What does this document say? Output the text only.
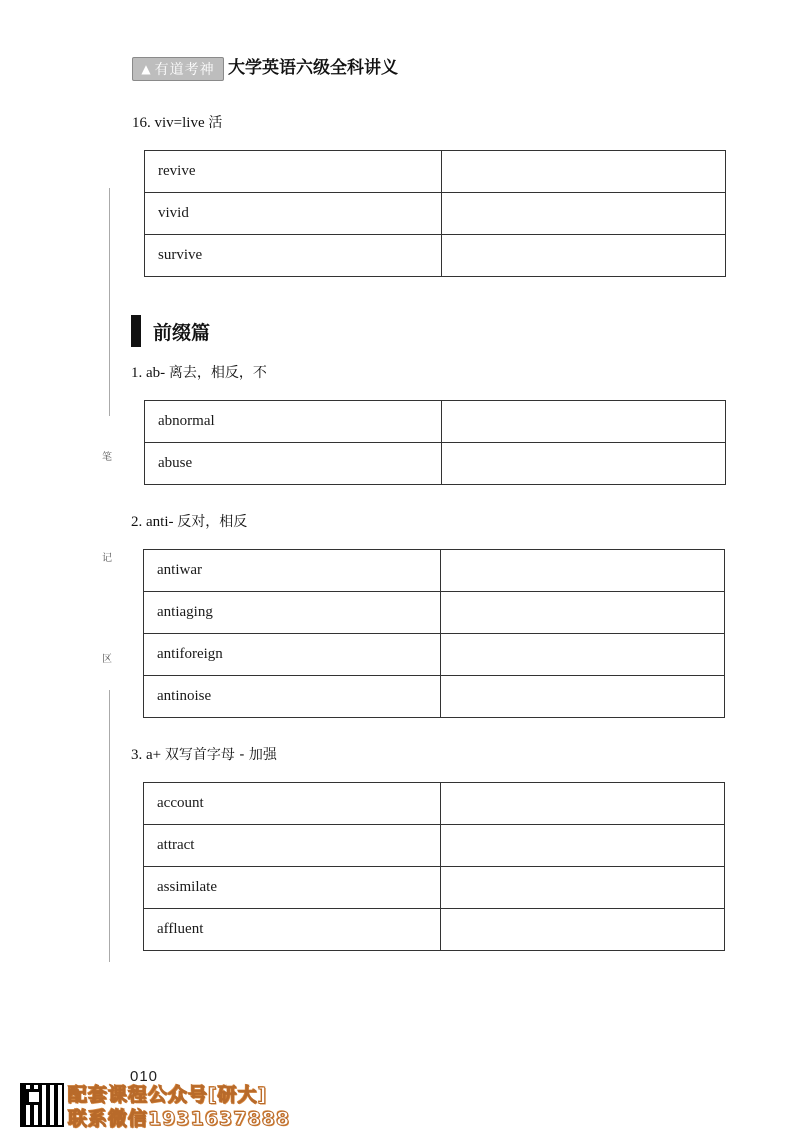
▲ 有道考神 大学英语六级全科讲义
笔
记
区
16. viv=live 活
revive	
vivid	
survive	
前缀篇
1. ab- 离去，相反，不
abnormal	
abuse	
2. anti- 反对，相反
antiwar	
antiaging	
antiforeign	
antinoise	
3. a+ 双写首字母 - 加强
account	
attract	
assimilate	
affluent	
010
配套课程公众号[研大]
联系微信1931637888
